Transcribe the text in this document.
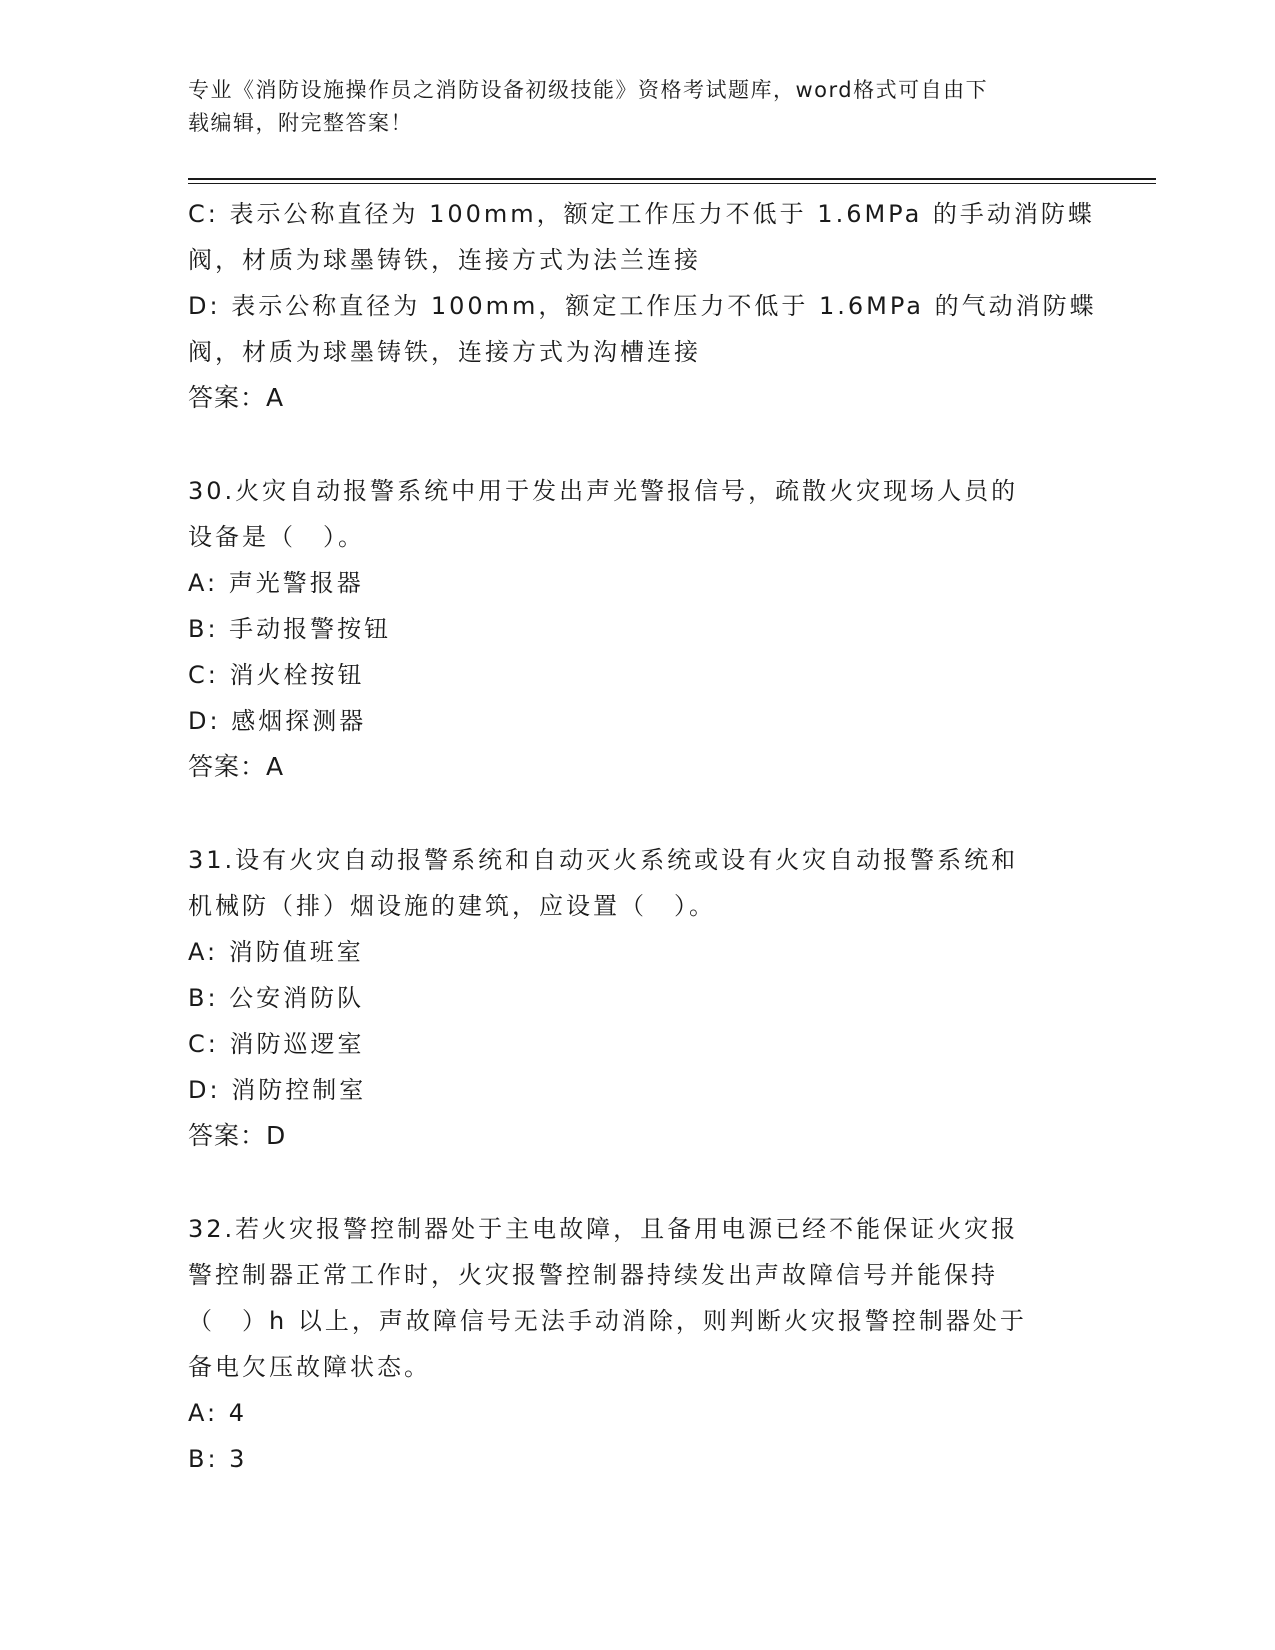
专业《消防设施操作员之消防设备初级技能》资格考试题库，word格式可自由下
载编辑，附完整答案！
C: 表示公称直径为 100mm，额定工作压力不低于 1.6MPa 的手动消防蝶
阀，材质为球墨铸铁，连接方式为法兰连接
D: 表示公称直径为 100mm，额定工作压力不低于 1.6MPa 的气动消防蝶
阀，材质为球墨铸铁，连接方式为沟槽连接
答案：A
30.火灾自动报警系统中用于发出声光警报信号，疏散火灾现场人员的
设备是（　）。
A: 声光警报器
B: 手动报警按钮
C: 消火栓按钮
D: 感烟探测器
答案：A
31.设有火灾自动报警系统和自动灭火系统或设有火灾自动报警系统和
机械防（排）烟设施的建筑，应设置（　）。
A: 消防值班室
B: 公安消防队
C: 消防巡逻室
D: 消防控制室
答案：D
32.若火灾报警控制器处于主电故障，且备用电源已经不能保证火灾报
警控制器正常工作时，火灾报警控制器持续发出声故障信号并能保持
（　）h 以上，声故障信号无法手动消除，则判断火灾报警控制器处于
备电欠压故障状态。
A: 4
B: 3
